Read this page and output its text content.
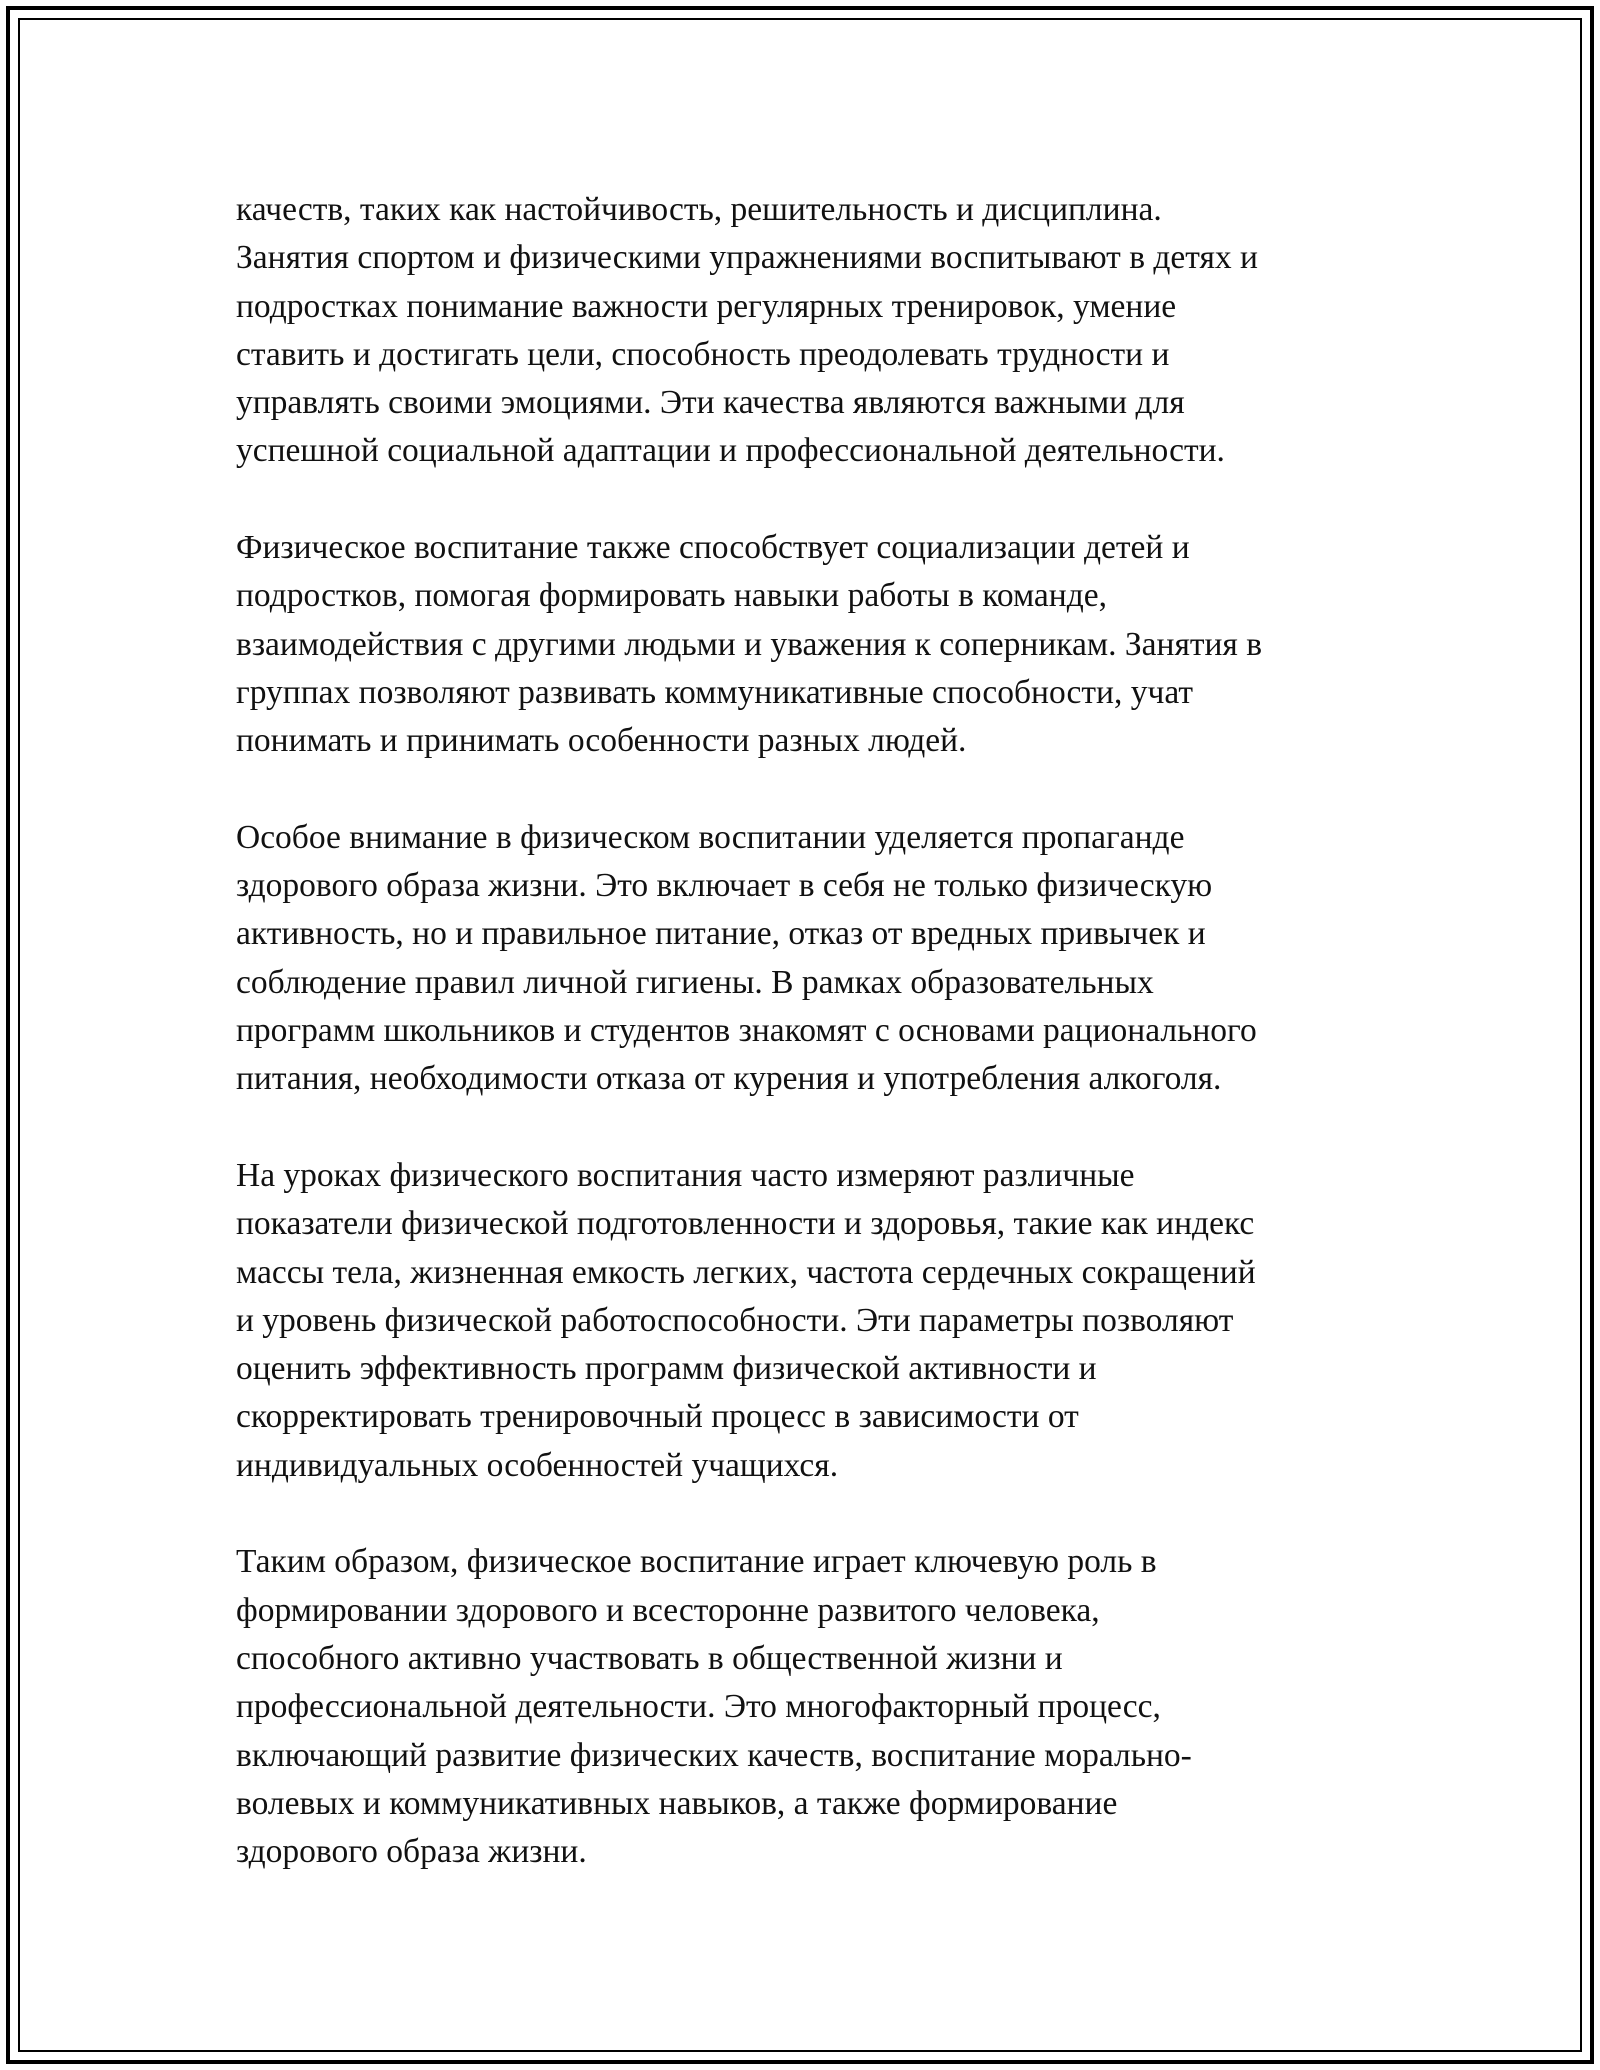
качеств, таких как настойчивость, решительность и дисциплина.
Занятия спортом и физическими упражнениями воспитывают в детях и
подростках понимание важности регулярных тренировок, умение
ставить и достигать цели, способность преодолевать трудности и
управлять своими эмоциями. Эти качества являются важными для
успешной социальной адаптации и профессиональной деятельности.

Физическое воспитание также способствует социализации детей и
подростков, помогая формировать навыки работы в команде,
взаимодействия с другими людьми и уважения к соперникам. Занятия в
группах позволяют развивать коммуникативные способности, учат
понимать и принимать особенности разных людей.

Особое внимание в физическом воспитании уделяется пропаганде
здорового образа жизни. Это включает в себя не только физическую
активность, но и правильное питание, отказ от вредных привычек и
соблюдение правил личной гигиены. В рамках образовательных
программ школьников и студентов знакомят с основами рационального
питания, необходимости отказа от курения и употребления алкоголя.

На уроках физического воспитания часто измеряют различные
показатели физической подготовленности и здоровья, такие как индекс
массы тела, жизненная емкость легких, частота сердечных сокращений
и уровень физической работоспособности. Эти параметры позволяют
оценить эффективность программ физической активности и
скорректировать тренировочный процесс в зависимости от
индивидуальных особенностей учащихся.

Таким образом, физическое воспитание играет ключевую роль в
формировании здорового и всесторонне развитого человека,
способного активно участвовать в общественной жизни и
профессиональной деятельности. Это многофакторный процесс,
включающий развитие физических качеств, воспитание морально-
волевых и коммуникативных навыков, а также формирование
здорового образа жизни.
